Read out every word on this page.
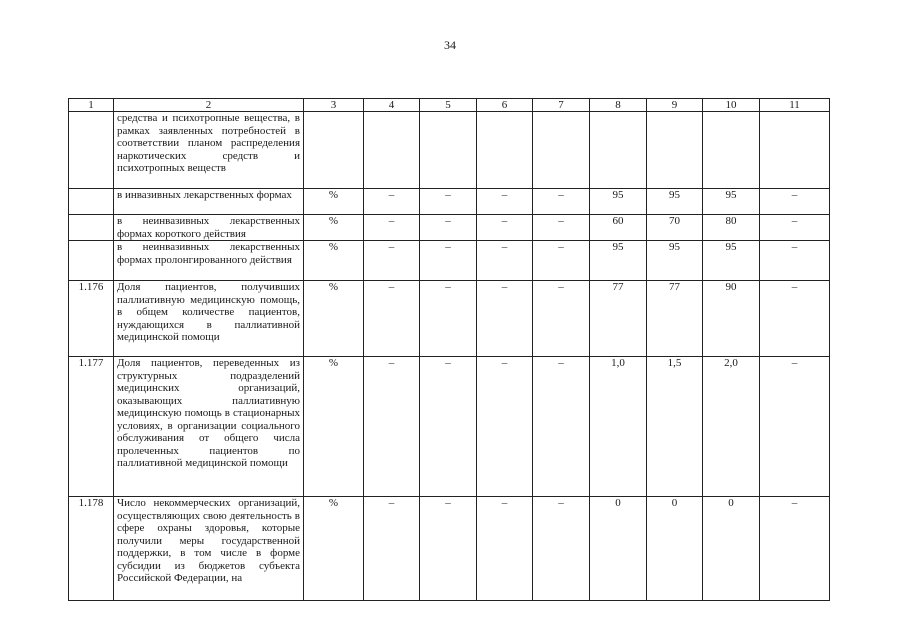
34
1	2	3	4	5	6	7	8	9	10	11
	средства и психотропные вещества, в рамках заявленных потребностей в соответствии планом распределения наркотических средств и психотропных веществ									
	в инвазивных лекарственных формах	%	–	–	–	–	95	95	95	–
	в неинвазивных лекарственных формах короткого действия	%	–	–	–	–	60	70	80	–
	в неинвазивных лекарственных формах пролонгированного действия	%	–	–	–	–	95	95	95	–
1.176	Доля пациентов, получивших паллиативную медицинскую помощь, в общем количестве пациентов, нуждающихся в паллиативной медицинской помощи	%	–	–	–	–	77	77	90	–
1.177	Доля пациентов, переведенных из структурных подразделений медицинских организаций, оказывающих паллиативную медицинскую помощь в стационарных условиях, в организации социального обслуживания от общего числа пролеченных пациентов по паллиативной медицинской помощи	%	–	–	–	–	1,0	1,5	2,0	–
1.178	Число некоммерческих организаций, осуществляющих свою деятельность в сфере охраны здоровья, которые получили меры государственной поддержки, в том числе в форме субсидии из бюджетов субъекта Российской Федерации, на	%	–	–	–	–	0	0	0	–
